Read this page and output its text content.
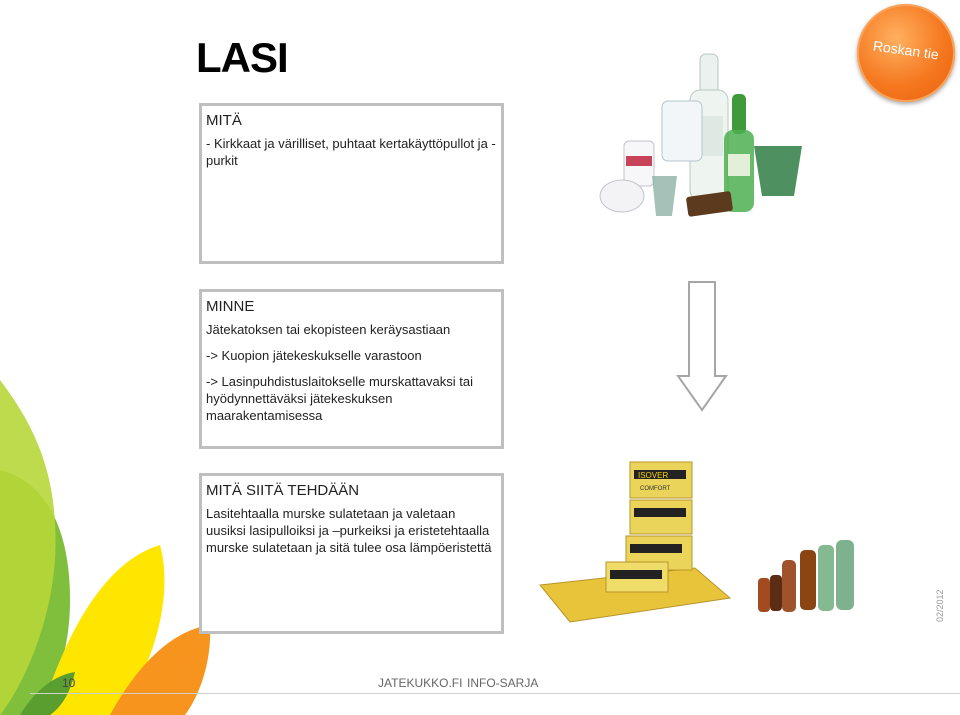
LASI	Roskan tie
MITÄ

- Kirkkaat ja värilliset, puhtaat kertakäyttöpullot ja -purkit

MINNE

Jätekatoksen tai ekopisteen keräysastiaan

-> Kuopion jätekeskukselle varastoon

-> Lasinpuhdistuslaitokselle murskattavaksi tai hyödynnettäväksi jätekeskuksen maarakentamisessa

MITÄ SIITÄ TEHDÄÄN

Lasitehtaalla murske sulatetaan ja valetaan uusiksi lasipulloiksi ja –purkeiksi ja eristetehtaalla murske sulatetaan ja sitä tulee osa lämpöeristettä

ISOVER
COMFORT
02/2012
10	JATEKUKKO.FI INFO-SARJA
